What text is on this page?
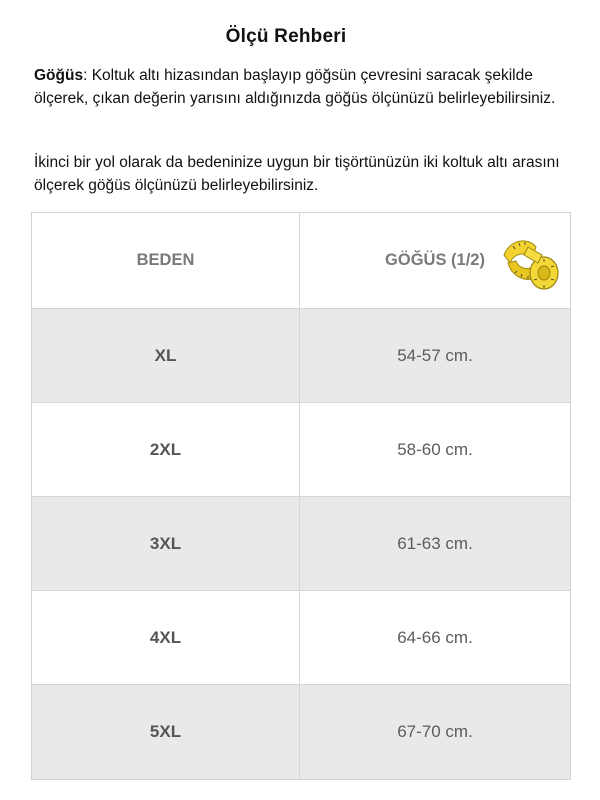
Ölçü Rehberi
Göğüs: Koltuk altı hizasından başlayıp göğsün çevresini saracak şekilde ölçerek, çıkan değerin yarısını aldığınızda göğüs ölçünüzü belirleyebilirsiniz.
İkinci bir yol olarak da bedeninize uygun bir tişörtünüzün iki koltuk altı arasını ölçerek göğüs ölçünüzü belirleyebilirsiniz.
BEDEN	GÖĞÜS (1/2)
XL	54-57 cm.
2XL	58-60 cm.
3XL	61-63 cm.
4XL	64-66 cm.
5XL	67-70 cm.
